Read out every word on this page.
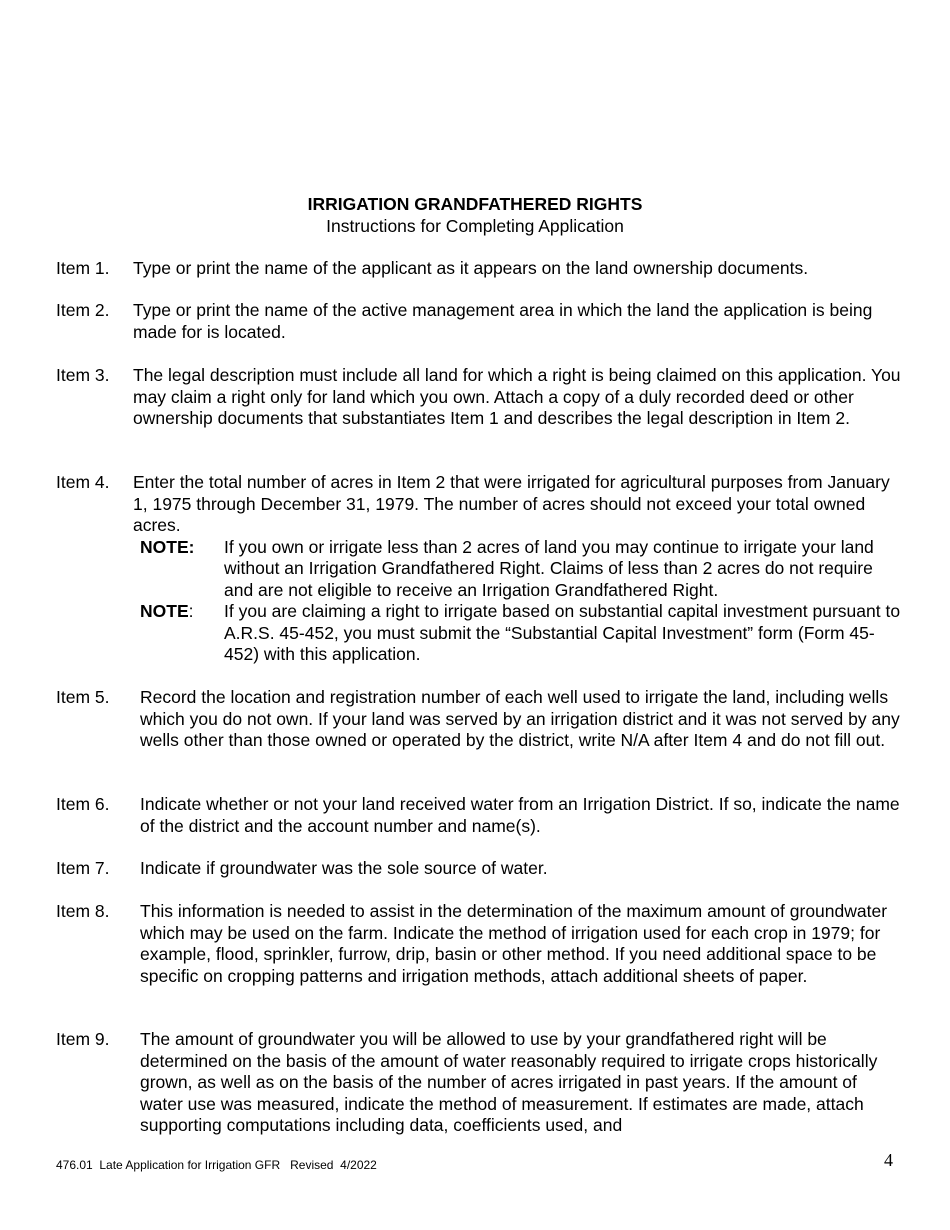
IRRIGATION GRANDFATHERED RIGHTS
Instructions for Completing Application
Item 1. Type or print the name of the applicant as it appears on the land ownership documents.
Item 2. Type or print the name of the active management area in which the land the application is being made for is located.
Item 3. The legal description must include all land for which a right is being claimed on this application. You may claim a right only for land which you own. Attach a copy of a duly recorded deed or other ownership documents that substantiates Item 1 and describes the legal description in Item 2.
Item 4. Enter the total number of acres in Item 2 that were irrigated for agricultural purposes from January 1, 1975 through December 31, 1979. The number of acres should not exceed your total owned acres.
NOTE:	If you own or irrigate less than 2 acres of land you may continue to irrigate your land without an Irrigation Grandfathered Right. Claims of less than 2 acres do not require and are not eligible to receive an Irrigation Grandfathered Right.
NOTE:	If you are claiming a right to irrigate based on substantial capital investment pursuant to A.R.S. 45-452, you must submit the “Substantial Capital Investment” form (Form 45-452) with this application.
Item 5. Record the location and registration number of each well used to irrigate the land, including wells which you do not own. If your land was served by an irrigation district and it was not served by any wells other than those owned or operated by the district, write N/A after Item 4 and do not fill out.
Item 6. Indicate whether or not your land received water from an Irrigation District. If so, indicate the name of the district and the account number and name(s).
Item 7. Indicate if groundwater was the sole source of water.
Item 8. This information is needed to assist in the determination of the maximum amount of groundwater which may be used on the farm. Indicate the method of irrigation used for each crop in 1979; for example, flood, sprinkler, furrow, drip, basin or other method. If you need additional space to be specific on cropping patterns and irrigation methods, attach additional sheets of paper.
Item 9. The amount of groundwater you will be allowed to use by your grandfathered right will be determined on the basis of the amount of water reasonably required to irrigate crops historically grown, as well as on the basis of the number of acres irrigated in past years. If the amount of water use was measured, indicate the method of measurement. If estimates are made, attach supporting computations including data, coefficients used, and
476.01  Late Application for Irrigation GFR   Revised  4/2022	4
